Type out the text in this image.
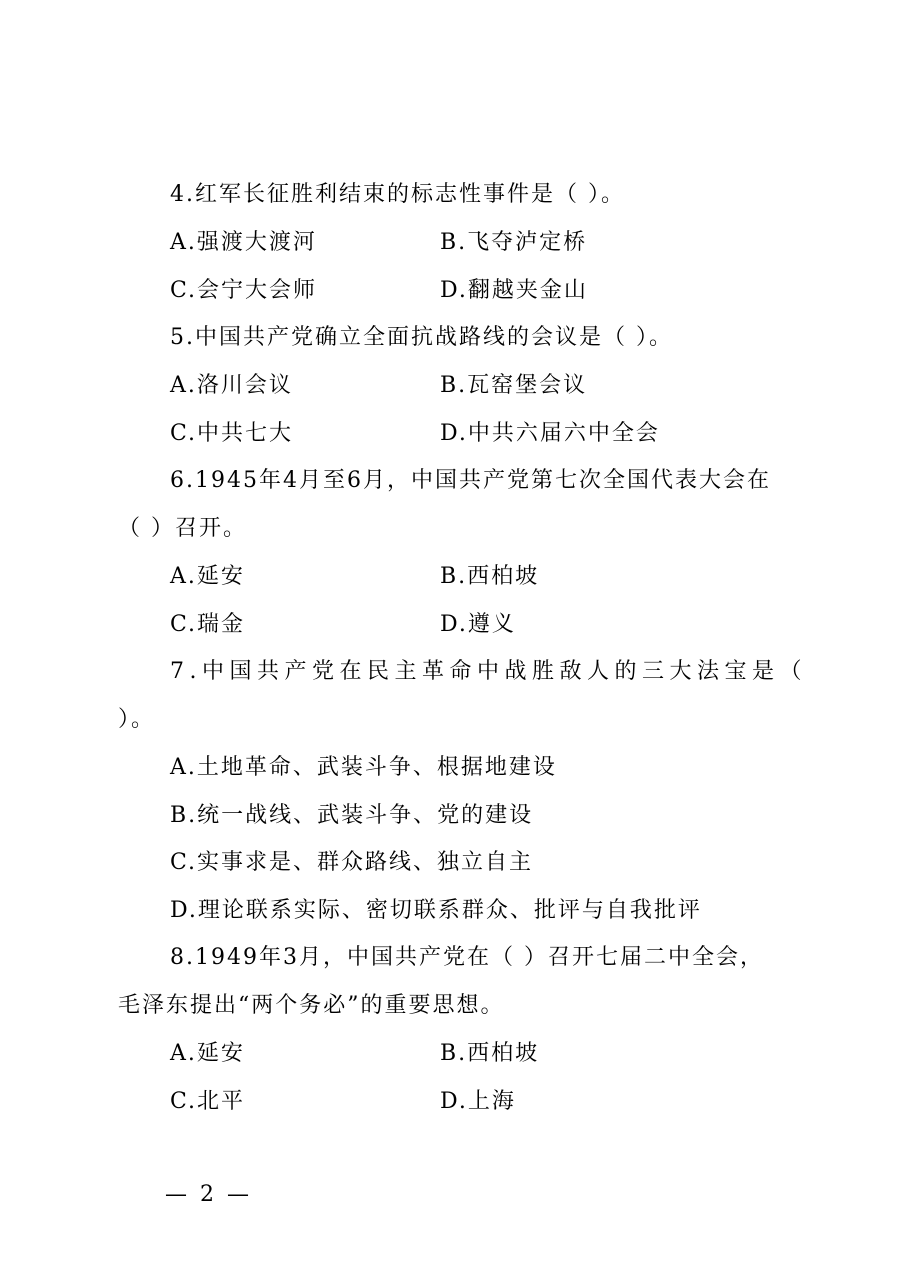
4.红军长征胜利结束的标志性事件是（ ）。
A.强渡大渡河	B.飞夺泸定桥
C.会宁大会师	D.翻越夹金山
5.中国共产党确立全面抗战路线的会议是（ ）。
A.洛川会议	B.瓦窑堡会议
C.中共七大	D.中共六届六中全会
6.1945年4月至6月，中国共产党第七次全国代表大会在
（ ）召开。
A.延安	B.西柏坡
C.瑞金	D.遵义
7.中国共产党在民主革命中战胜敌人的三大法宝是（
）。
A.土地革命、武装斗争、根据地建设
B.统一战线、武装斗争、党的建设
C.实事求是、群众路线、独立自主
D.理论联系实际、密切联系群众、批评与自我批评
8.1949年3月，中国共产党在（ ）召开七届二中全会，
毛泽东提出“两个务必”的重要思想。
A.延安	B.西柏坡
C.北平	D.上海
— 2 —
